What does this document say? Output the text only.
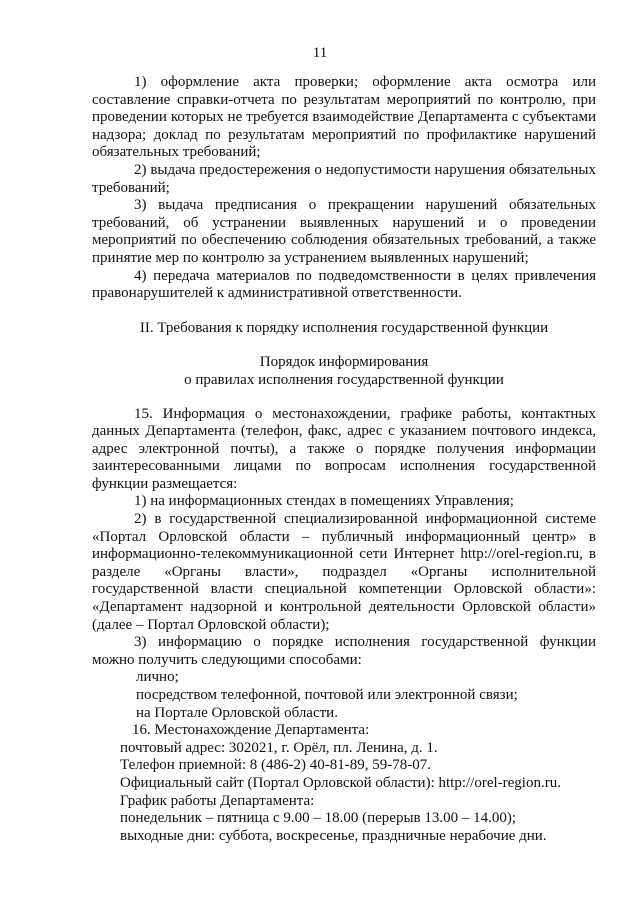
11

1) оформление акта проверки; оформление акта осмотра или составление справки-отчета по результатам мероприятий по контролю, при проведении которых не требуется взаимодействие Департамента с субъектами надзора; доклад по результатам мероприятий по профилактике нарушений обязательных требований;

2) выдача предостережения о недопустимости нарушения обязательных требований;

3) выдача предписания о прекращении нарушений обязательных требований, об устранении выявленных нарушений и о проведении мероприятий по обеспечению соблюдения обязательных требований, а также принятие мер по контролю за устранением выявленных нарушений;

4) передача материалов по подведомственности в целях привлечения правонарушителей к административной ответственности.

II. Требования к порядку исполнения государственной функции

Порядок информирования

о правилах исполнения государственной функции

15. Информация о местонахождении, графике работы, контактных данных Департамента (телефон, факс, адрес с указанием почтового индекса, адрес электронной почты), а также о порядке получения информации заинтересованными лицами по вопросам исполнения государственной функции размещается:

1) на информационных стендах в помещениях Управления;

2) в государственной специализированной информационной системе «Портал Орловской области – публичный информационный центр» в информационно-телекоммуникационной сети Интернет http://orel-region.ru, в разделе «Органы власти», подраздел «Органы исполнительной государственной власти специальной компетенции Орловской области»: «Департамент надзорной и контрольной деятельности Орловской области» (далее – Портал Орловской области);

3) информацию о порядке исполнения государственной функции можно получить следующими способами:

лично;

посредством телефонной, почтовой или электронной связи;

на Портале Орловской области.

16. Местонахождение Департамента:

почтовый адрес: 302021, г. Орёл, пл. Ленина, д. 1.

Телефон приемной: 8 (486-2) 40-81-89, 59-78-07.

Официальный сайт (Портал Орловской области): http://orel-region.ru.

График работы Департамента:

понедельник – пятница с 9.00 – 18.00 (перерыв 13.00 – 14.00);

выходные дни: суббота, воскресенье, праздничные нерабочие дни.
